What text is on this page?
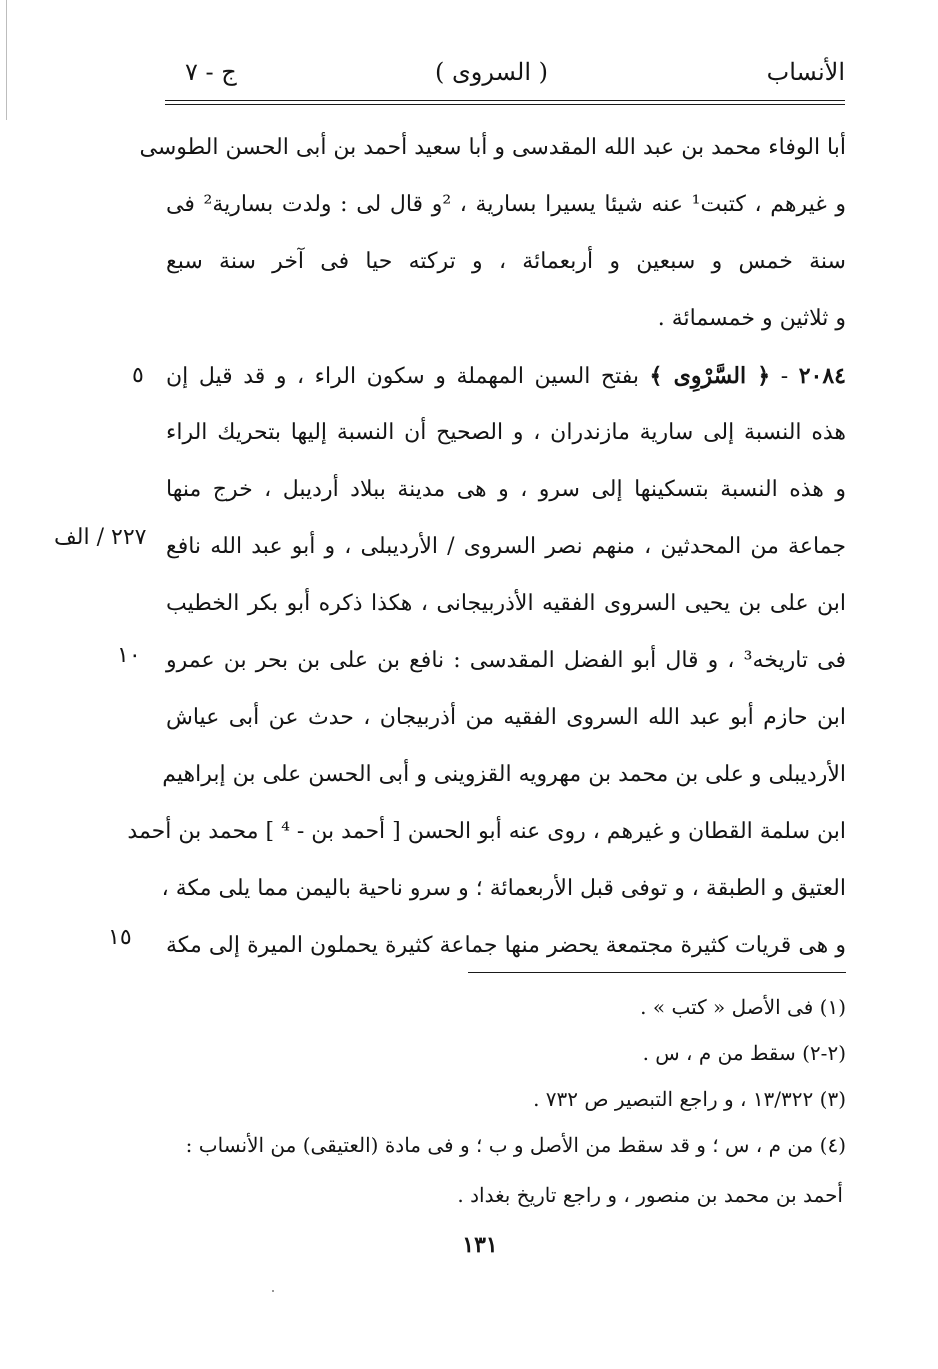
الأنساب
( السروى )
ج - ٧
أبا الوفاء محمد بن عبد الله المقدسى و أبا سعيد أحمد بن أبى الحسن الطوسى
و غيرهم ، كتبت¹ عنه شيئا يسيرا بسارية ، ²و قال لى : ولدت بسارية² فى
سنة خمس و سبعين و أربعمائة ، و تركته حيا فى آخر سنة سبع
و ثلاثين و خمسمائة .
٢٠٨٤ - ﴿ السَّرْوِى ﴾ بفتح السين المهملة و سكون الراء ، و قد قيل إن
٥
هذه النسبة إلى سارية مازندران ، و الصحيح أن النسبة إليها بتحريك الراء
و هذه النسبة بتسكينها إلى سرو ، و هى مدينة ببلاد أرديبل ، خرج منها
جماعة من المحدثين ، منهم نصر السروى / الأرديبلى ، و أبو عبد الله نافع
٢٢٧ / الف
ابن على بن يحيى السروى الفقيه الأذربيجانى ، هكذا ذكره أبو بكر الخطيب
فى تاريخه³ ، و قال أبو الفضل المقدسى : نافع بن على بن بحر بن عمرو
١٠
ابن حازم أبو عبد الله السروى الفقيه من أذربيجان ، حدث عن أبى عياش
الأرديبلى و على بن محمد بن مهرويه القزوينى و أبى الحسن على بن إبراهيم
ابن سلمة القطان و غيرهم ، روى عنه أبو الحسن [ أحمد بن - ⁴ ] محمد بن أحمد
العتيق و الطبقة ، و توفى قبل الأربعمائة ؛ و سرو ناحية باليمن مما يلى مكة ،
و هى قريات كثيرة مجتمعة يحضر منها جماعة كثيرة يحملون الميرة إلى مكة
١٥
(١) فى الأصل « كتب » .
(٢-٢) سقط من م ، س .
(٣) ١٣/٣٢٢ ، و راجع التبصير ص ٧٣٢ .
(٤) من م ، س ؛ و قد سقط من الأصل و ب ؛ و فى مادة (العتيقى) من الأنساب :
أحمد بن محمد بن منصور ، و راجع تاريخ بغداد .
١٣١
